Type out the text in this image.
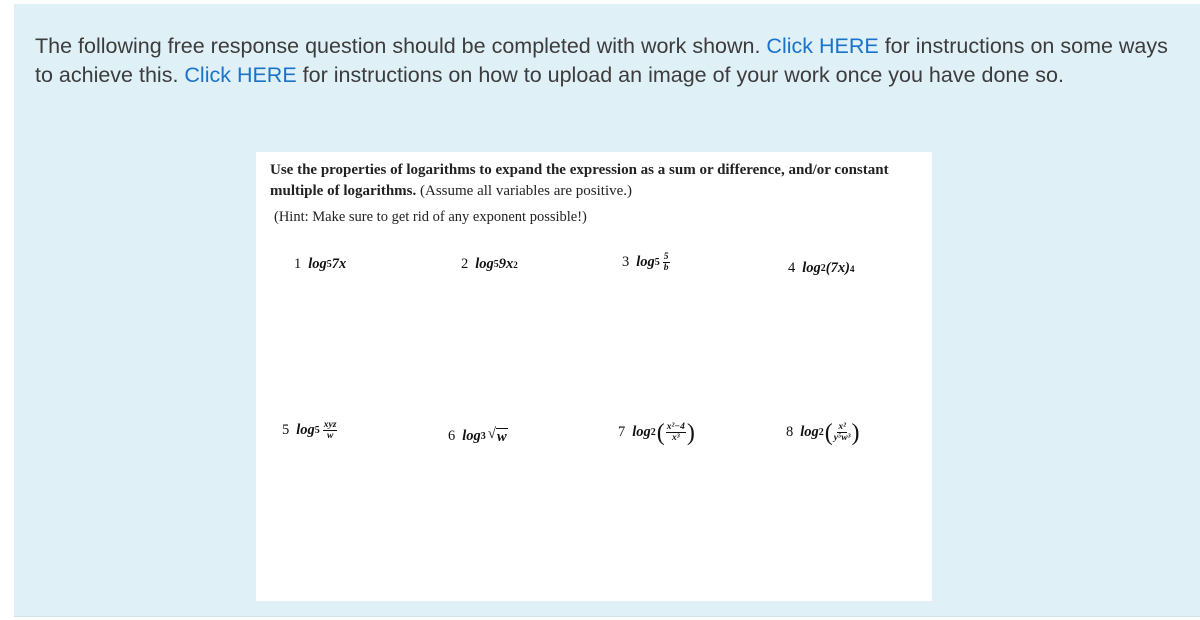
The following free response question should be completed with work shown. Click HERE for instructions on some ways to achieve this. Click HERE for instructions on how to upload an image of your work once you have done so.
Use the properties of logarithms to expand the expression as a sum or difference, and/or constant multiple of logarithms. (Assume all variables are positive.)
(Hint: Make sure to get rid of any exponent possible!)
1 log 5 7x	2 log 5 9x 2	3 $\log 5 \frac{5}{b}$	4 log 2 (7x) 4
5 $\log 5 \frac{\text{xyz}}{w}$	6 log 3 √ w	7 log 2 ( $\frac{\text{x²−4}}{\text{x³}}$ )	8 log 2 ( $\frac{\text{x²}}{\text{y⁵w³}}$ )
